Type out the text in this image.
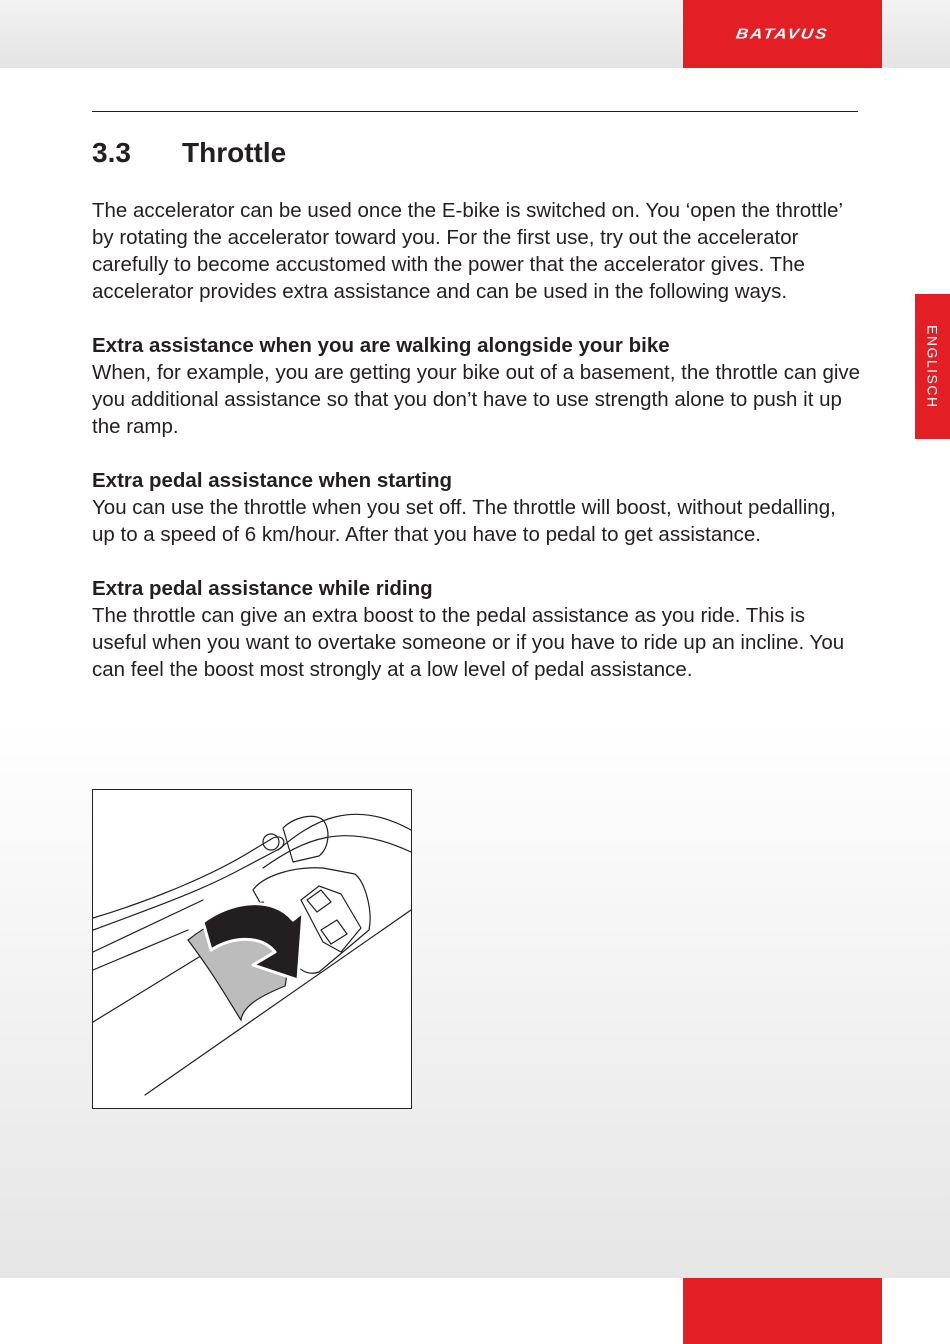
BATAVUS
ENGLISCH
3.3	Throttle

The accelerator can be used once the E-bike is switched on. You ‘open the throttle’ by rotating the accelerator toward you. For the first use, try out the accelerator carefully to become accustomed with the power that the accelerator gives. The accelerator provides extra assistance and can be used in the following ways.

Extra assistance when you are walking alongside your bike
When, for example, you are getting your bike out of a basement, the throttle can give you additional assistance so that you don’t have to use strength alone to push it up the ramp.

Extra pedal assistance when starting
You can use the throttle when you set off. The throttle will boost, without pedalling, up to a speed of 6 km/hour. After that you have to pedal to get assistance.

Extra pedal assistance while riding
The throttle can give an extra boost to the pedal assistance as you ride. This is useful when you want to overtake someone or if you have to ride up an incline. You can feel the boost most strongly at a low level of pedal assistance.
